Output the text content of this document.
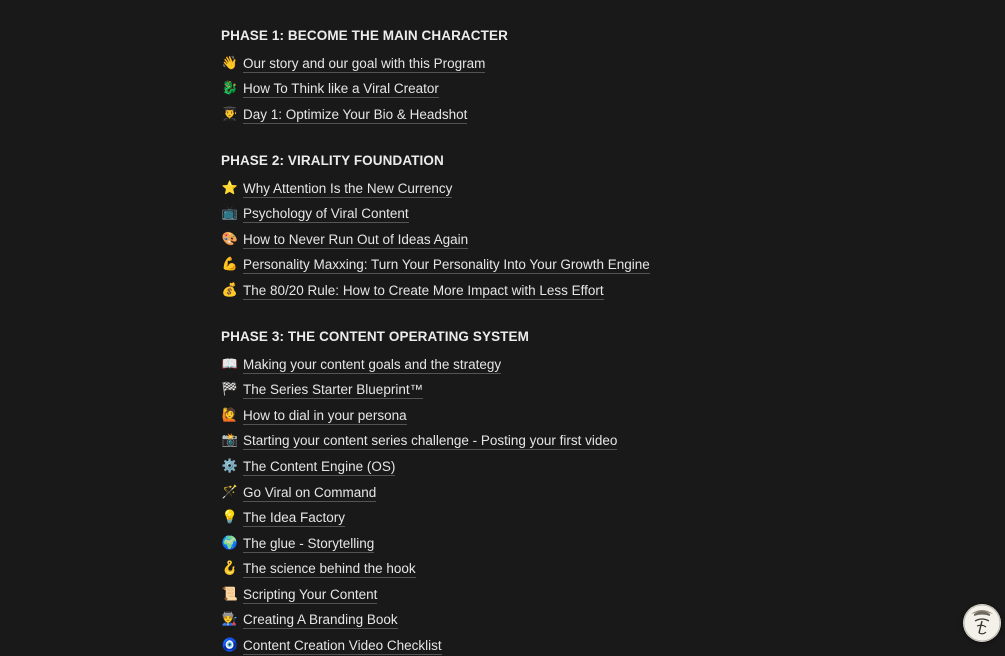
PHASE 1: BECOME THE MAIN CHARACTER
👋 Our story and our goal with this Program
🐉 How To Think like a Viral Creator
👨‍🎓 Day 1: Optimize Your Bio & Headshot
PHASE 2: VIRALITY FOUNDATION
⭐ Why Attention Is the New Currency
📺 Psychology of Viral Content
🎨 How to Never Run Out of Ideas Again
💪 Personality Maxxing: Turn Your Personality Into Your Growth Engine
💰 The 80/20 Rule: How to Create More Impact with Less Effort
PHASE 3: THE CONTENT OPERATING SYSTEM
📖 Making your content goals and the strategy
🏁 The Series Starter Blueprint™
🙋 How to dial in your persona
📸 Starting your content series challenge - Posting your first video
⚙️ The Content Engine (OS)
🪄 Go Viral on Command
💡 The Idea Factory
🌍 The glue - Storytelling
🪝 The science behind the hook
📜 Scripting Your Content
👨‍🏭 Creating A Branding Book
🧿 Content Creation Video Checklist
